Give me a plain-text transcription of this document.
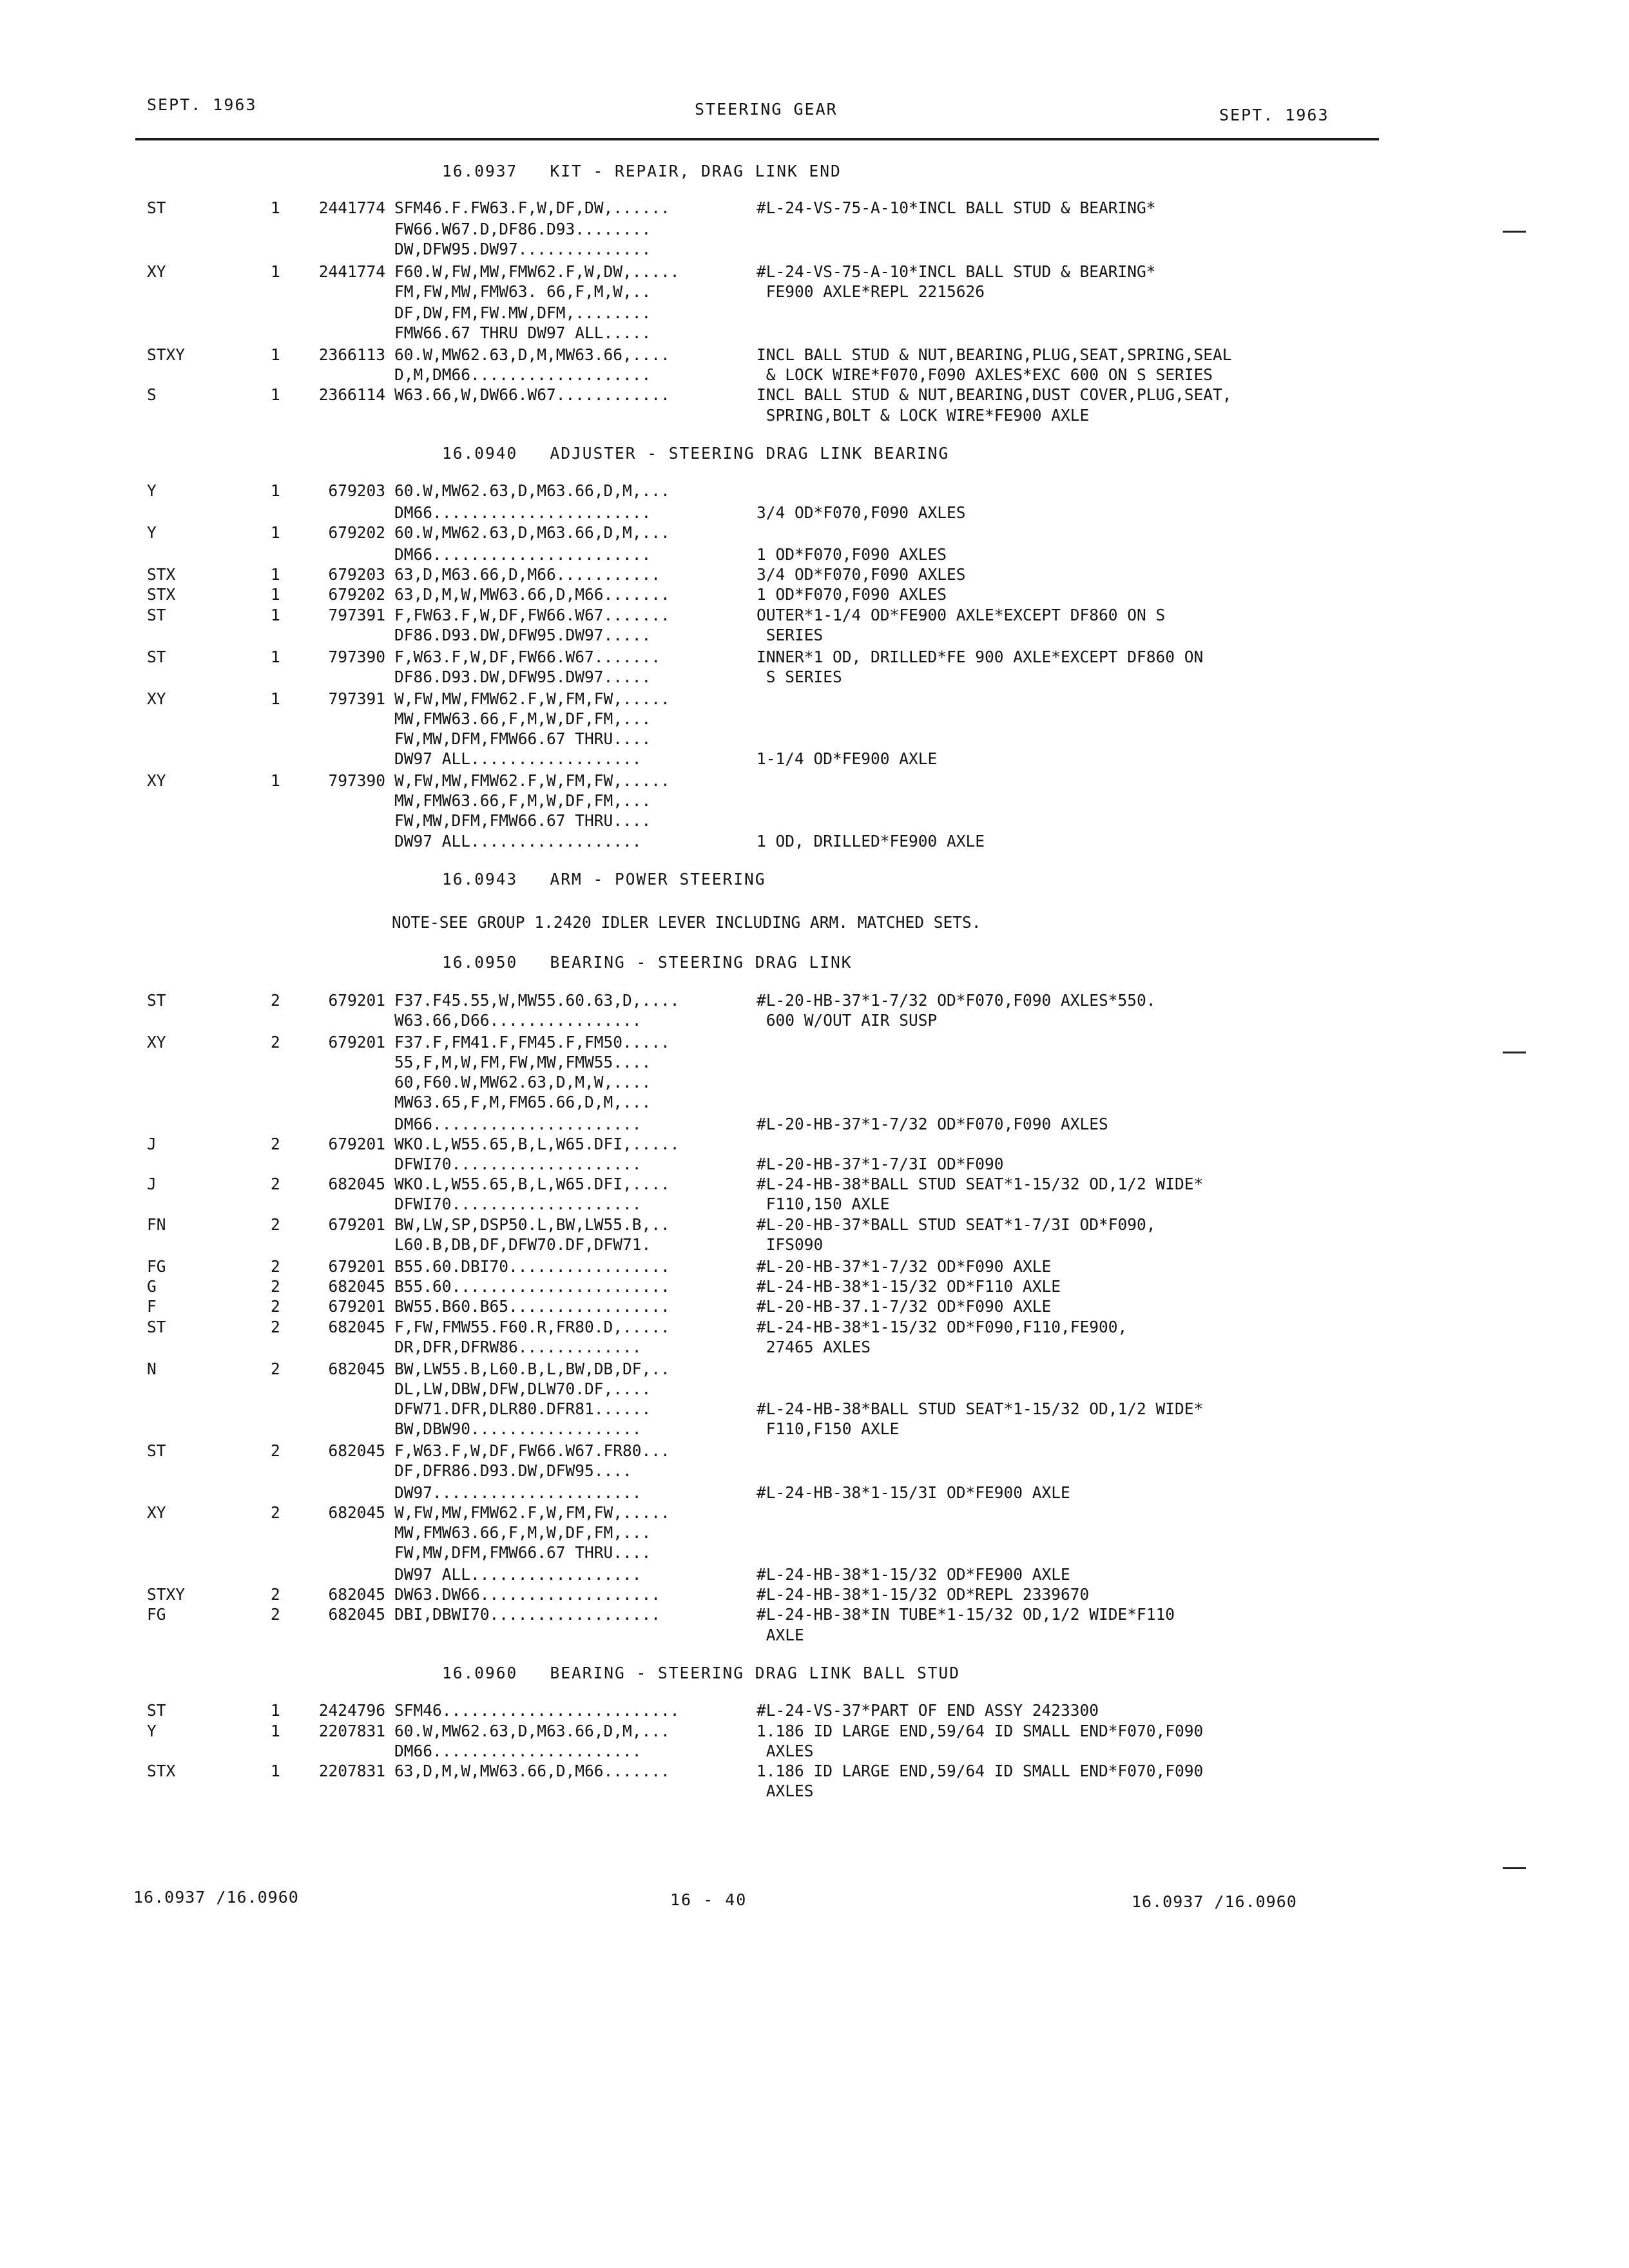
SEPT. 1963	STEERING GEAR	SEPT. 1963
16.0937   KIT - REPAIR, DRAG LINK END
ST	1 2441774 SFM46.F.FW63.F,W,DF,DW,......	#L-24-VS-75-A-10*INCL BALL STUD & BEARING*
FW66.W67.D,DF86.D93........
DW,DFW95.DW97..............
XY	1 2441774 F60.W,FW,MW,FMW62.F,W,DW,.....	#L-24-VS-75-A-10*INCL BALL STUD & BEARING*
FM,FW,MW,FMW63. 66,F,M,W,..	FE900 AXLE*REPL 2215626
DF,DW,FM,FW.MW,DFM,........
FMW66.67 THRU DW97 ALL.....
STXY	1 2366113 60.W,MW62.63,D,M,MW63.66,....	INCL BALL STUD & NUT,BEARING,PLUG,SEAT,SPRING,SEAL
D,M,DM66...................	& LOCK WIRE*F070,F090 AXLES*EXC 600 ON S SERIES
S	1 2366114 W63.66,W,DW66.W67............	INCL BALL STUD & NUT,BEARING,DUST COVER,PLUG,SEAT,
SPRING,BOLT & LOCK WIRE*FE900 AXLE
16.0940   ADJUSTER - STEERING DRAG LINK BEARING
Y	1	679203 60.W,MW62.63,D,M63.66,D,M,...
DM66.......................	3/4 OD*F070,F090 AXLES
Y	1	679202 60.W,MW62.63,D,M63.66,D,M,...
DM66.......................	1 OD*F070,F090 AXLES
STX	1	679203 63,D,M63.66,D,M66...........	3/4 OD*F070,F090 AXLES
STX	1	679202 63,D,M,W,MW63.66,D,M66.......	1 OD*F070,F090 AXLES
ST	1	797391 F,FW63.F,W,DF,FW66.W67.......	OUTER*1-1/4 OD*FE900 AXLE*EXCEPT DF860 ON S
DF86.D93.DW,DFW95.DW97.....	SERIES
ST	1	797390 F,W63.F,W,DF,FW66.W67.......	INNER*1 OD, DRILLED*FE 900 AXLE*EXCEPT DF860 ON
DF86.D93.DW,DFW95.DW97.....	S SERIES
XY	1	797391 W,FW,MW,FMW62.F,W,FM,FW,.....
MW,FMW63.66,F,M,W,DF,FM,...
FW,MW,DFM,FMW66.67 THRU....
DW97 ALL..................	1-1/4 OD*FE900 AXLE
XY	1	797390 W,FW,MW,FMW62.F,W,FM,FW,.....
MW,FMW63.66,F,M,W,DF,FM,...
FW,MW,DFM,FMW66.67 THRU....
DW97 ALL..................	1 OD, DRILLED*FE900 AXLE
16.0943   ARM - POWER STEERING
NOTE-SEE GROUP 1.2420 IDLER LEVER INCLUDING ARM. MATCHED SETS.
16.0950   BEARING - STEERING DRAG LINK
ST	2	679201 F37.F45.55,W,MW55.60.63,D,....	#L-20-HB-37*1-7/32 OD*F070,F090 AXLES*550.
W63.66,D66................	600 W/OUT AIR SUSP
XY	2	679201 F37.F,FM41.F,FM45.F,FM50.....
55,F,M,W,FM,FW,MW,FMW55....
60,F60.W,MW62.63,D,M,W,....
MW63.65,F,M,FM65.66,D,M,...
DM66......................	#L-20-HB-37*1-7/32 OD*F070,F090 AXLES
J	2	679201 WKO.L,W55.65,B,L,W65.DFI,.....
DFWI70....................	#L-20-HB-37*1-7/3I OD*F090
J	2	682045 WKO.L,W55.65,B,L,W65.DFI,....	#L-24-HB-38*BALL STUD SEAT*1-15/32 OD,1/2 WIDE*
DFWI70....................	F110,150 AXLE
FN	2	679201 BW,LW,SP,DSP50.L,BW,LW55.B,..	#L-20-HB-37*BALL STUD SEAT*1-7/3I OD*F090,
L60.B,DB,DF,DFW70.DF,DFW71.	IFS090
FG	2	679201 B55.60.DBI70.................	#L-20-HB-37*1-7/32 OD*F090 AXLE
G	2	682045 B55.60.......................	#L-24-HB-38*1-15/32 OD*F110 AXLE
F	2	679201 BW55.B60.B65.................	#L-20-HB-37.1-7/32 OD*F090 AXLE
ST	2	682045 F,FW,FMW55.F60.R,FR80.D,.....	#L-24-HB-38*1-15/32 OD*F090,F110,FE900,
DR,DFR,DFRW86.............	27465 AXLES
N	2	682045 BW,LW55.B,L60.B,L,BW,DB,DF,..
DL,LW,DBW,DFW,DLW70.DF,....
DFW71.DFR,DLR80.DFR81......	#L-24-HB-38*BALL STUD SEAT*1-15/32 OD,1/2 WIDE*
BW,DBW90..................	F110,F150 AXLE
ST	2	682045 F,W63.F,W,DF,FW66.W67.FR80...
DF,DFR86.D93.DW,DFW95....
DW97......................	#L-24-HB-38*1-15/3I OD*FE900 AXLE
XY	2	682045 W,FW,MW,FMW62.F,W,FM,FW,.....
MW,FMW63.66,F,M,W,DF,FM,...
FW,MW,DFM,FMW66.67 THRU....
DW97 ALL..................	#L-24-HB-38*1-15/32 OD*FE900 AXLE
STXY	2	682045 DW63.DW66...................	#L-24-HB-38*1-15/32 OD*REPL 2339670
FG	2	682045 DBI,DBWI70..................	#L-24-HB-38*IN TUBE*1-15/32 OD,1/2 WIDE*F110
AXLE
16.0960   BEARING - STEERING DRAG LINK BALL STUD
ST	1 2424796 SFM46.........................	#L-24-VS-37*PART OF END ASSY 2423300
Y	1 2207831 60.W,MW62.63,D,M63.66,D,M,...	1.186 ID LARGE END,59/64 ID SMALL END*F070,F090
DM66......................	AXLES
STX	1 2207831 63,D,M,W,MW63.66,D,M66.......	1.186 ID LARGE END,59/64 ID SMALL END*F070,F090
AXLES
16.0937 /16.0960	16 - 40	16.0937 /16.0960
